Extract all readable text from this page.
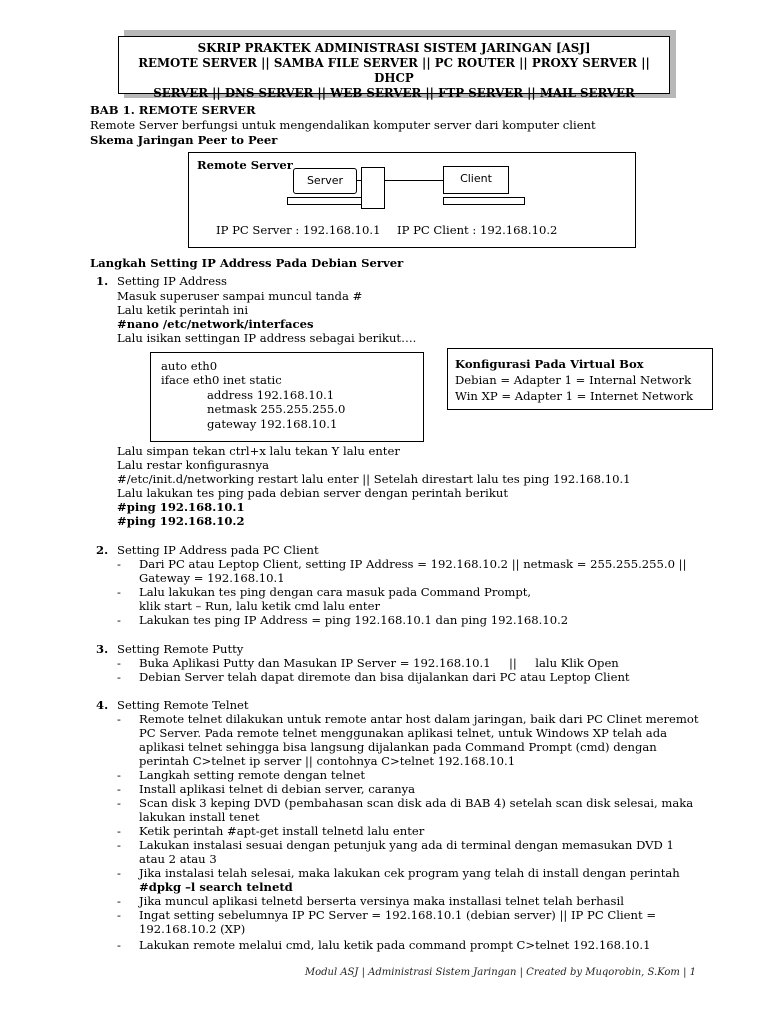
SKRIP PRAKTEK ADMINISTRASI SISTEM JARINGAN [ASJ]
REMOTE SERVER || SAMBA FILE SERVER || PC ROUTER || PROXY SERVER || DHCP
SERVER || DNS SERVER || WEB SERVER || FTP SERVER || MAIL SERVER
BAB 1. REMOTE SERVER
Remote Server berfungsi untuk mengendalikan komputer server dari komputer client
Skema Jaringan Peer to Peer
Remote Server
Server	Client
IP PC Server : 192.168.10.1 IP PC Client : 192.168.10.2
Langkah Setting IP Address Pada Debian Server
1. Setting IP Address
Masuk superuser sampai muncul tanda #
Lalu ketik perintah ini
#nano /etc/network/interfaces
Lalu isikan settingan IP address sebagai berikut….
auto eth0
iface eth0 inet static
address 192.168.10.1
netmask 255.255.255.0
gateway 192.168.10.1
Konfigurasi Pada Virtual Box
Debian = Adapter 1 = Internal Network
Win XP = Adapter 1 = Internet Network
Lalu simpan tekan ctrl+x lalu tekan Y lalu enter
Lalu restar konfigurasnya
#/etc/init.d/networking restart lalu enter || Setelah direstart lalu tes ping 192.168.10.1
Lalu lakukan tes ping pada debian server dengan perintah berikut
#ping 192.168.10.1
#ping 192.168.10.2
2. Setting IP Address pada PC Client
- Dari PC atau Leptop Client, setting IP Address = 192.168.10.2 || netmask = 255.255.255.0 ||
Gateway = 192.168.10.1
- Lalu lakukan tes ping dengan cara masuk pada Command Prompt,
klik start – Run, lalu ketik cmd lalu enter
- Lakukan tes ping IP Address = ping 192.168.10.1 dan ping 192.168.10.2
3. Setting Remote Putty
- Buka Aplikasi Putty dan Masukan IP Server = 192.168.10.1     ||     lalu Klik Open
- Debian Server telah dapat diremote dan bisa dijalankan dari PC atau Leptop Client
4. Setting Remote Telnet
- Remote telnet dilakukan untuk remote antar host dalam jaringan, baik dari PC Clinet meremot
PC Server. Pada remote telnet menggunakan aplikasi telnet, untuk Windows XP telah ada
aplikasi telnet sehingga bisa langsung dijalankan pada Command Prompt (cmd) dengan
perintah C>telnet ip server || contohnya C>telnet 192.168.10.1
- Langkah setting remote dengan telnet
- Install aplikasi telnet di debian server, caranya
- Scan disk 3 keping DVD (pembahasan scan disk ada di BAB 4) setelah scan disk selesai, maka
lakukan install tenet
- Ketik perintah #apt-get install telnetd lalu enter
- Lakukan instalasi sesuai dengan petunjuk yang ada di terminal dengan memasukan DVD 1
atau 2 atau 3
- Jika instalasi telah selesai, maka lakukan cek program yang telah di install dengan perintah
#dpkg –l search telnetd
- Jika muncul aplikasi telnetd berserta versinya maka installasi telnet telah berhasil
- Ingat setting sebelumnya IP PC Server = 192.168.10.1 (debian server) || IP PC Client =
192.168.10.2 (XP)
- Lakukan remote melalui cmd, lalu ketik pada command prompt C>telnet 192.168.10.1
Modul ASJ | Administrasi Sistem Jaringan | Created by Muqorobin, S.Kom | 1
